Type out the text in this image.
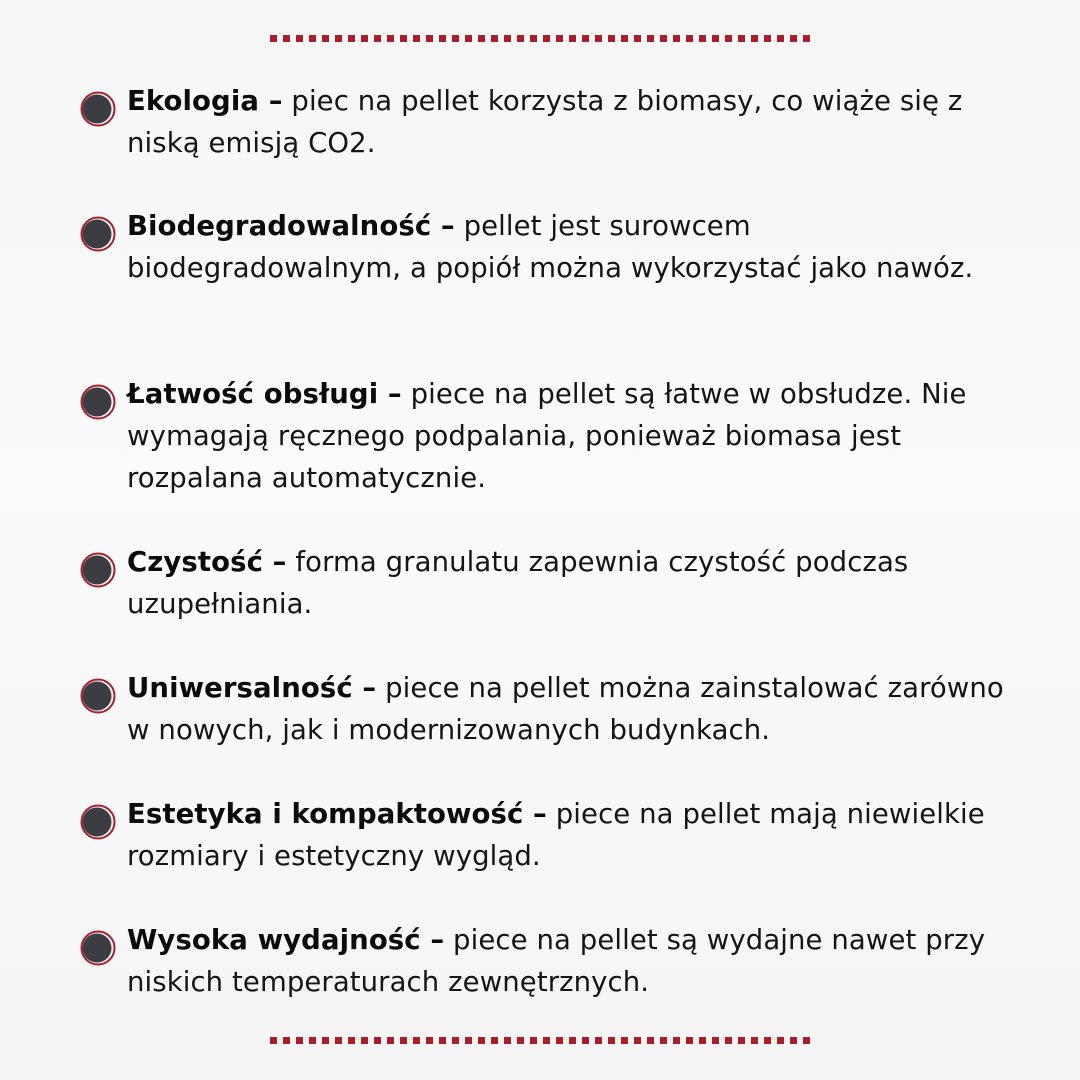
Ekologia – piec na pellet korzysta z biomasy, co wiąże się z niską emisją CO2.
Biodegradowalność – pellet jest surowcem biodegradowalnym, a popiół można wykorzystać jako nawóz.
Łatwość obsługi – piece na pellet są łatwe w obsłudze. Nie wymagają ręcznego podpalania, ponieważ biomasa jest rozpalana automatycznie.
Czystość – forma granulatu zapewnia czystość podczas uzupełniania.
Uniwersalność – piece na pellet można zainstalować zarówno w nowych, jak i modernizowanych budynkach.
Estetyka i kompaktowość – piece na pellet mają niewielkie rozmiary i estetyczny wygląd.
Wysoka wydajność – piece na pellet są wydajne nawet przy niskich temperaturach zewnętrznych.
